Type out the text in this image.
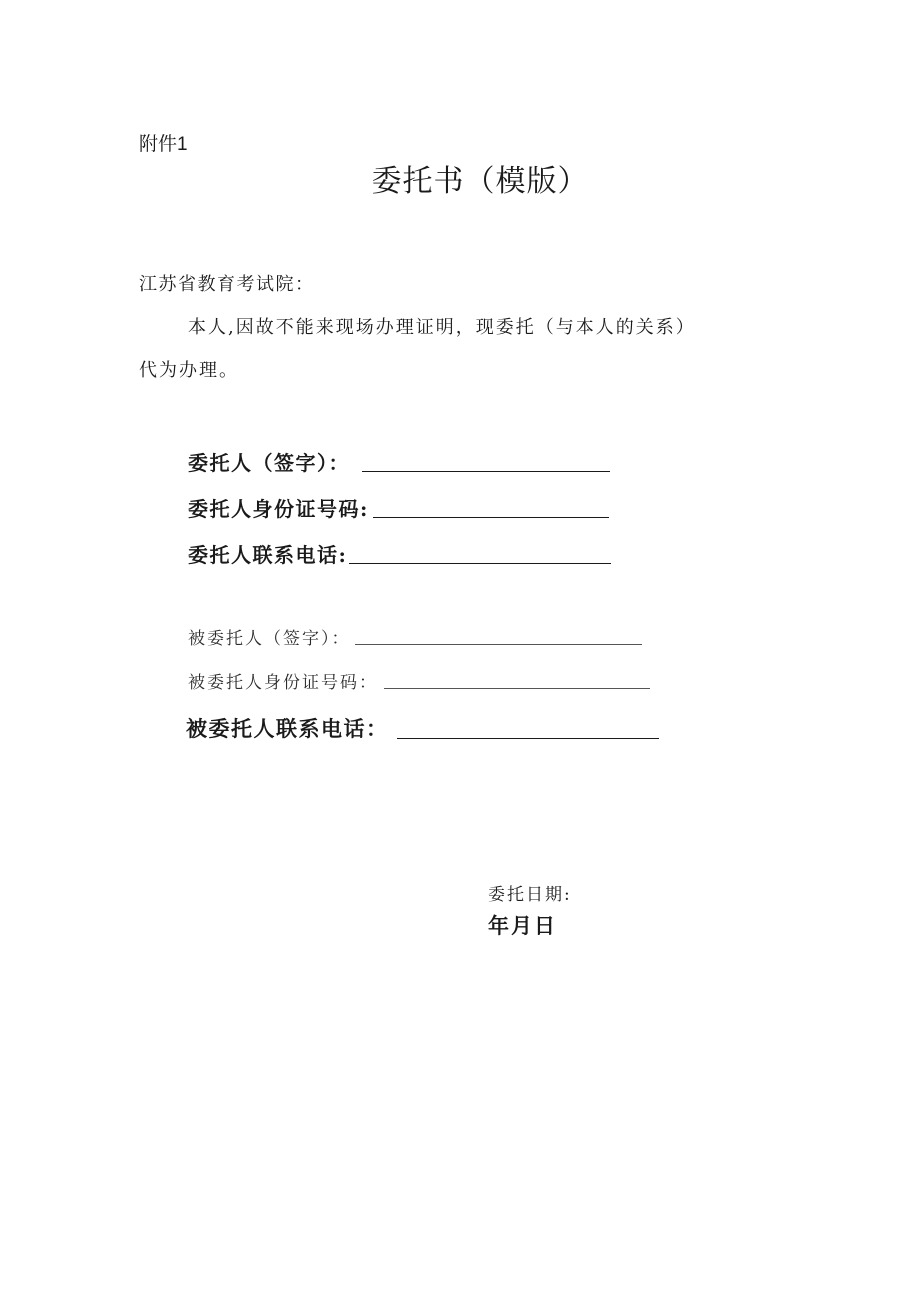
附件1
委托书（模版）
江苏省教育考试院：
本人,因故不能来现场办理证明，现委托（与本人的关系）
代为办理。
委托人（签字）：
委托人身份证号码:
委托人联系电话:
被委托人（签字）：
被委托人身份证号码：
被委托人联系电话：
委托日期:
年月日
